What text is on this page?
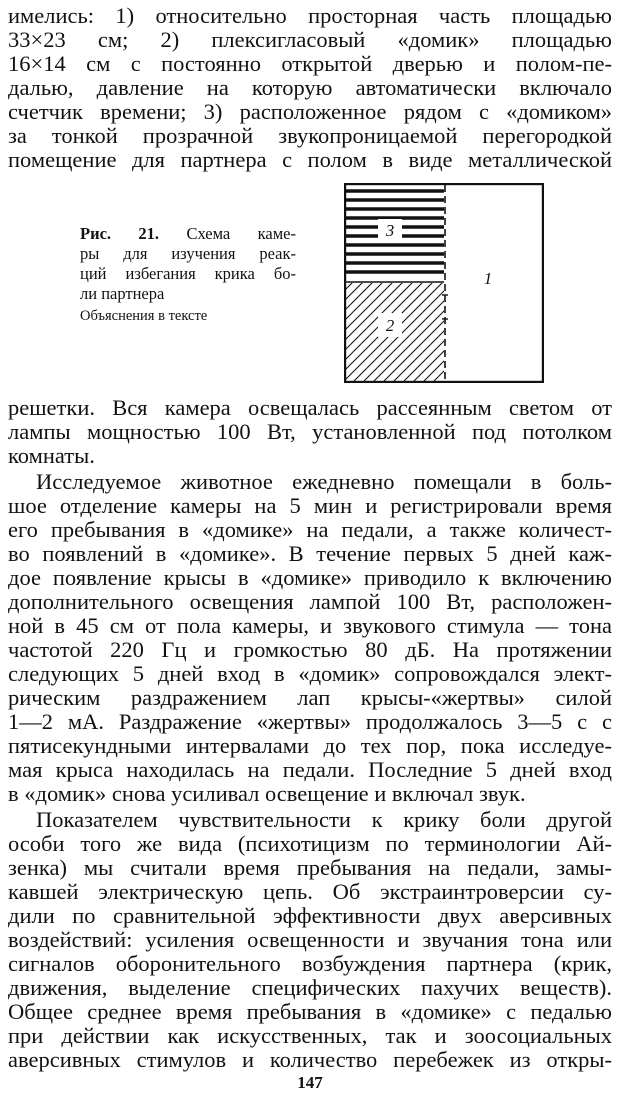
имелись: 1) относительно просторная часть площадью
33×23 см; 2) плексигласовый «домик» площадью
16×14 см с постоянно открытой дверью и полом-пе-
далью, давление на которую автоматически включало
счетчик времени; 3) расположенное рядом с «домиком»
за тонкой прозрачной звукопроницаемой перегородкой
помещение для партнера с полом в виде металлической
Рис. 21. Схема каме-
ры для изучения реак-
ций избегания крика бо-
ли партнера
Объяснения в тексте
3
1
2
решетки. Вся камера освещалась рассеянным светом от
лампы мощностью 100 Вт, установленной под потолком
комнаты.
Исследуемое животное ежедневно помещали в боль-
шое отделение камеры на 5 мин и регистрировали время
его пребывания в «домике» на педали, а также количест-
во появлений в «домике». В течение первых 5 дней каж-
дое появление крысы в «домике» приводило к включению
дополнительного освещения лампой 100 Вт, расположен-
ной в 45 см от пола камеры, и звукового стимула — тона
частотой 220 Гц и громкостью 80 дБ. На протяжении
следующих 5 дней вход в «домик» сопровождался элект-
рическим раздражением лап крысы-«жертвы» силой
1—2 мА. Раздражение «жертвы» продолжалось 3—5 с с
пятисекундными интервалами до тех пор, пока исследуе-
мая крыса находилась на педали. Последние 5 дней вход
в «домик» снова усиливал освещение и включал звук.
Показателем чувствительности к крику боли другой
особи того же вида (психотицизм по терминологии Ай-
зенка) мы считали время пребывания на педали, замы-
кавшей электрическую цепь. Об экстраинтроверсии су-
дили по сравнительной эффективности двух аверсивных
воздействий: усиления освещенности и звучания тона или
сигналов оборонительного возбуждения партнера (крик,
движения, выделение специфических пахучих веществ).
Общее среднее время пребывания в «домике» с педалью
при действии как искусственных, так и зоосоциальных
аверсивных стимулов и количество перебежек из откры-
147
